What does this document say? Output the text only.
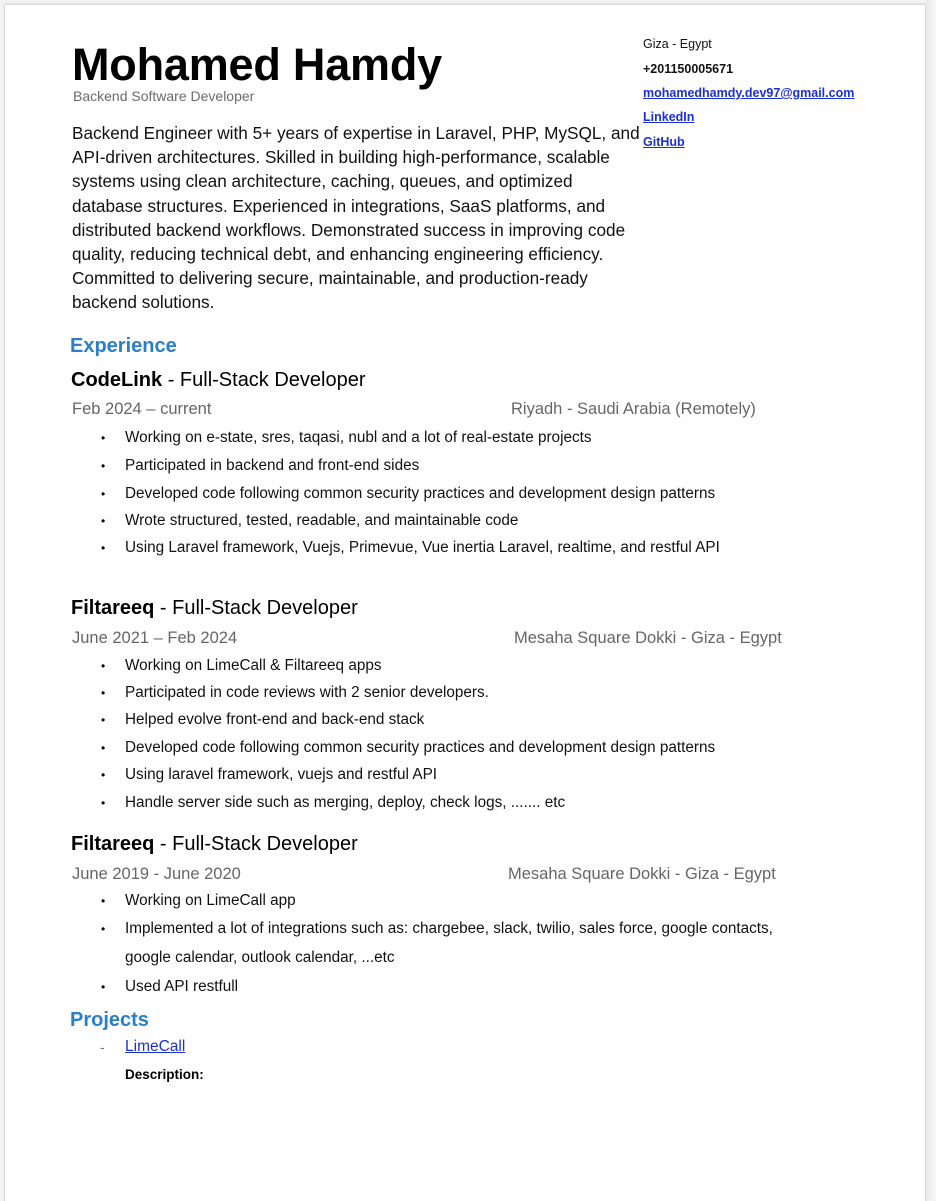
Mohamed Hamdy
Backend Software Developer
Backend Engineer with 5+ years of expertise in Laravel, PHP, MySQL, and API-driven architectures. Skilled in building high-performance, scalable systems using clean architecture, caching, queues, and optimized database structures. Experienced in integrations, SaaS platforms, and distributed backend workflows. Demonstrated success in improving code quality, reducing technical debt, and enhancing engineering efficiency. Committed to delivering secure, maintainable, and production-ready backend solutions.
Giza - Egypt
+201150005671
mohamedhamdy.dev97@gmail.com
LinkedIn
GitHub
Experience
CodeLink - Full-Stack Developer
Feb 2024 – current	Riyadh - Saudi Arabia (Remotely)
• Working on e-state, sres, taqasi, nubl and a lot of real-estate projects
• Participated in backend and front-end sides
• Developed code following common security practices and development design patterns
• Wrote structured, tested, readable, and maintainable code
• Using Laravel framework, Vuejs, Primevue, Vue inertia Laravel, realtime, and restful API
Filtareeq - Full-Stack Developer
June 2021 – Feb 2024	Mesaha Square Dokki - Giza - Egypt
• Working on LimeCall & Filtareeq apps
• Participated in code reviews with 2 senior developers.
• Helped evolve front-end and back-end stack
• Developed code following common security practices and development design patterns
• Using laravel framework, vuejs and restful API
• Handle server side such as merging, deploy, check logs, ....... etc
Filtareeq - Full-Stack Developer
June 2019 - June 2020	Mesaha Square Dokki - Giza - Egypt
• Working on LimeCall app
• Implemented a lot of integrations such as: chargebee, slack, twilio, sales force, google contacts,
google calendar, outlook calendar, ...etc
• Used API restfull
Projects
- LimeCall
Description:
